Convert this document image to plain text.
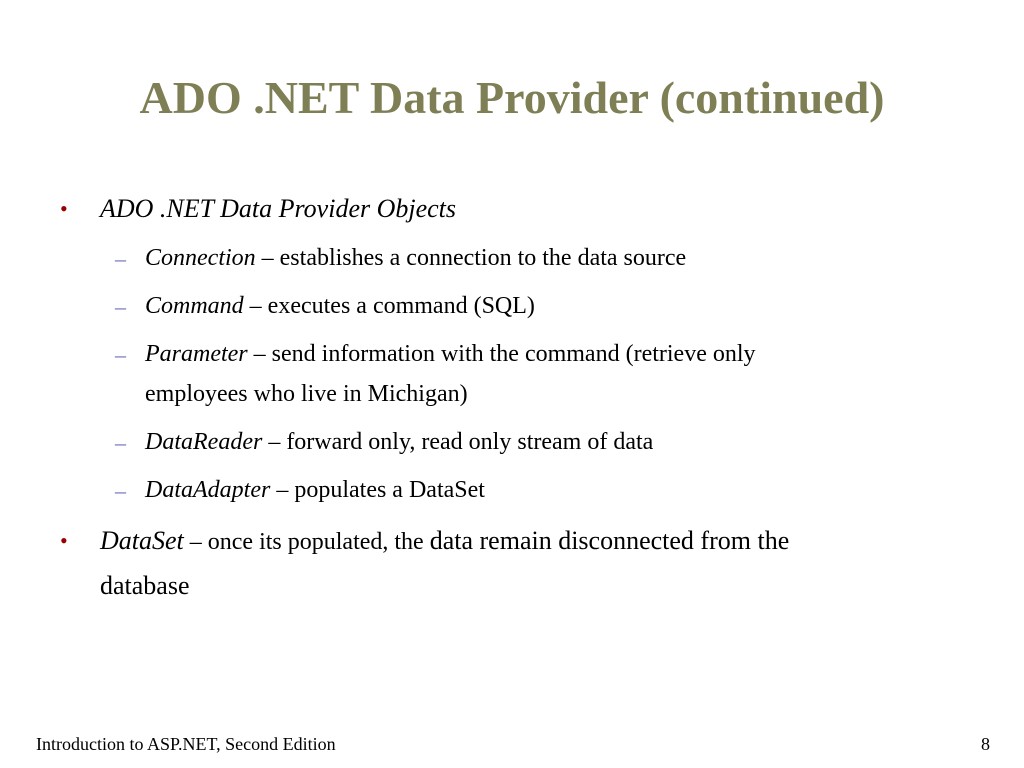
ADO .NET Data Provider (continued)
• ADO .NET Data Provider Objects
– Connection – establishes a connection to the data source
– Command – executes a command (SQL)
– Parameter – send information with the command (retrieve only
employees who live in Michigan)
– DataReader – forward only, read only stream of data
– DataAdapter – populates a DataSet
• DataSet – once its populated, the data remain disconnected from the
database
Introduction to ASP.NET, Second Edition	8
